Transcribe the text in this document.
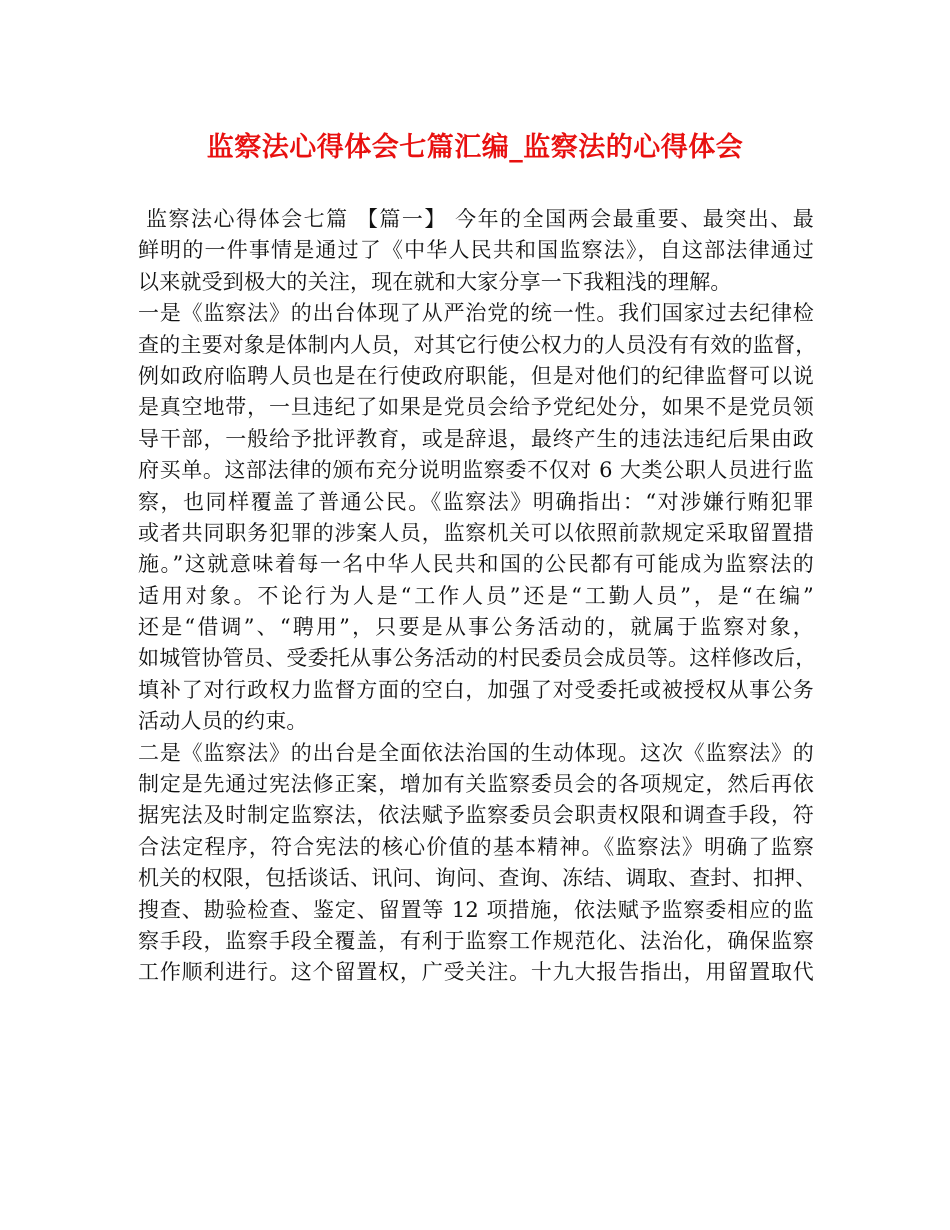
监察法心得体会七篇汇编_监察法的心得体会
监察法心得体会七篇 【篇一】 今年的全国两会最重要、最突出、最
鲜明的一件事情是通过了《中华人民共和国监察法》，自这部法律通过
以来就受到极大的关注，现在就和大家分享一下我粗浅的理解。
一是《监察法》的出台体现了从严治党的统一性。我们国家过去纪律检
查的主要对象是体制内人员，对其它行使公权力的人员没有有效的监督，
例如政府临聘人员也是在行使政府职能，但是对他们的纪律监督可以说
是真空地带，一旦违纪了如果是党员会给予党纪处分，如果不是党员领
导干部，一般给予批评教育，或是辞退，最终产生的违法违纪后果由政
府买单。这部法律的颁布充分说明监察委不仅对 6 大类公职人员进行监
察，也同样覆盖了普通公民。《监察法》明确指出：“对涉嫌行贿犯罪
或者共同职务犯罪的涉案人员，监察机关可以依照前款规定采取留置措
施。”这就意味着每一名中华人民共和国的公民都有可能成为监察法的
适用对象。不论行为人是“工作人员”还是“工勤人员”，是“在编”
还是“借调”、“聘用”，只要是从事公务活动的，就属于监察对象，
如城管协管员、受委托从事公务活动的村民委员会成员等。这样修改后，
填补了对行政权力监督方面的空白，加强了对受委托或被授权从事公务
活动人员的约束。
二是《监察法》的出台是全面依法治国的生动体现。这次《监察法》的
制定是先通过宪法修正案，增加有关监察委员会的各项规定，然后再依
据宪法及时制定监察法，依法赋予监察委员会职责权限和调查手段，符
合法定程序，符合宪法的核心价值的基本精神。《监察法》明确了监察
机关的权限，包括谈话、讯问、询问、查询、冻结、调取、查封、扣押、
搜查、勘验检查、鉴定、留置等 12 项措施，依法赋予监察委相应的监
察手段，监察手段全覆盖，有利于监察工作规范化、法治化，确保监察
工作顺利进行。这个留置权，广受关注。十九大报告指出，用留置取代
